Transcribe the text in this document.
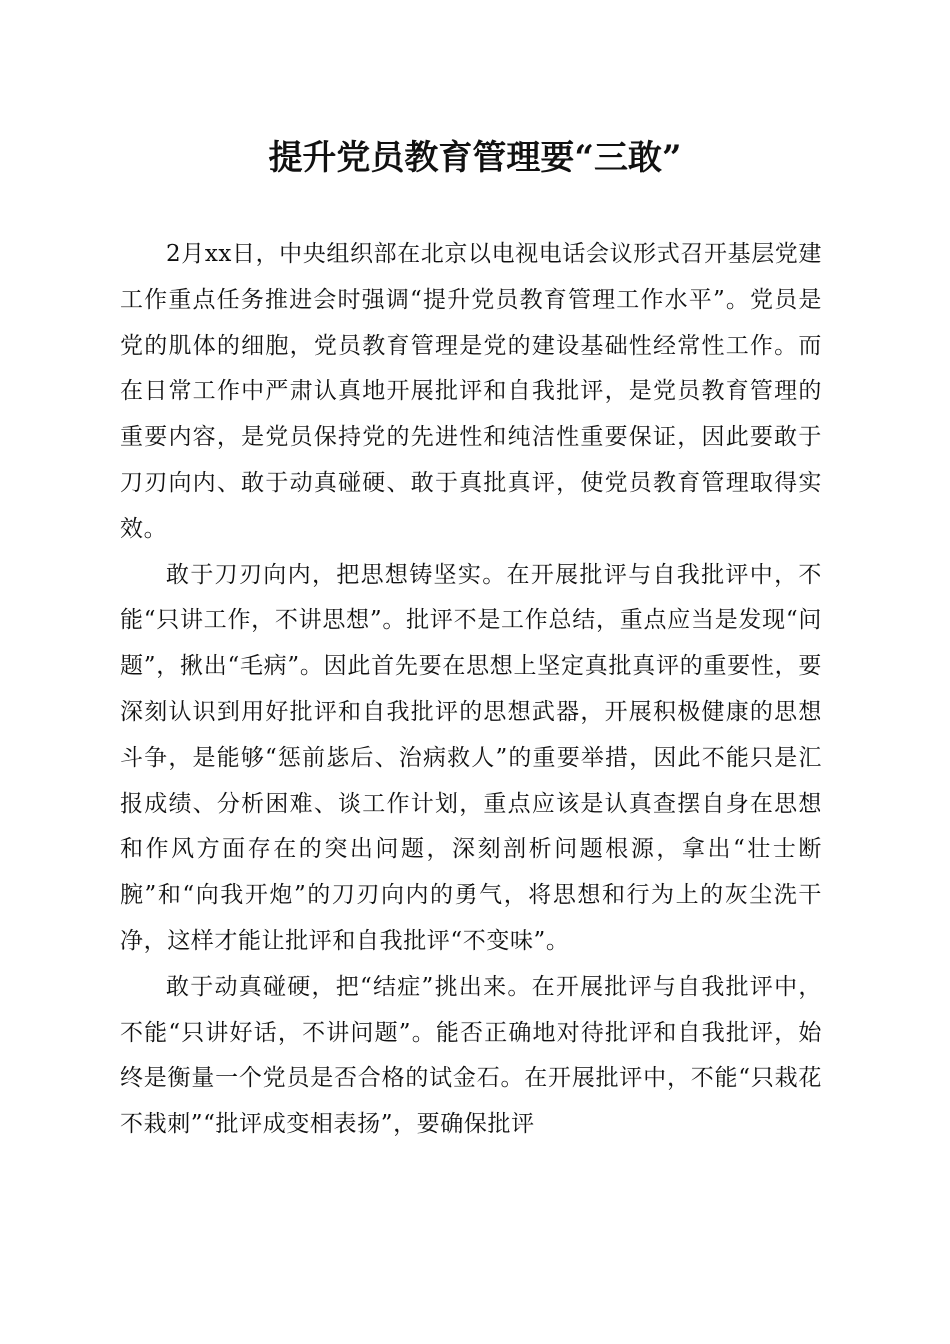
提升党员教育管理要“三敢”

2月xx日，中央组织部在北京以电视电话会议形式召开基层党建工作重点任务推进会时强调“提升党员教育管理工作水平”。党员是党的肌体的细胞，党员教育管理是党的建设基础性经常性工作。而在日常工作中严肃认真地开展批评和自我批评，是党员教育管理的重要内容，是党员保持党的先进性和纯洁性重要保证，因此要敢于刀刃向内、敢于动真碰硬、敢于真批真评，使党员教育管理取得实效。

敢于刀刃向内，把思想铸坚实。在开展批评与自我批评中，不能“只讲工作，不讲思想”。批评不是工作总结，重点应当是发现“问题”，揪出“毛病”。因此首先要在思想上坚定真批真评的重要性，要深刻认识到用好批评和自我批评的思想武器，开展积极健康的思想斗争，是能够“惩前毖后、治病救人”的重要举措，因此不能只是汇报成绩、分析困难、谈工作计划，重点应该是认真查摆自身在思想和作风方面存在的突出问题，深刻剖析问题根源，拿出“壮士断腕”和“向我开炮”的刀刃向内的勇气，将思想和行为上的灰尘洗干净，这样才能让批评和自我批评“不变味”。

敢于动真碰硬，把“结症”挑出来。在开展批评与自我批评中，不能“只讲好话，不讲问题”。能否正确地对待批评和自我批评，始终是衡量一个党员是否合格的试金石。在开展批评中，不能“只栽花不栽刺”“批评成变相表扬”，要确保批评
